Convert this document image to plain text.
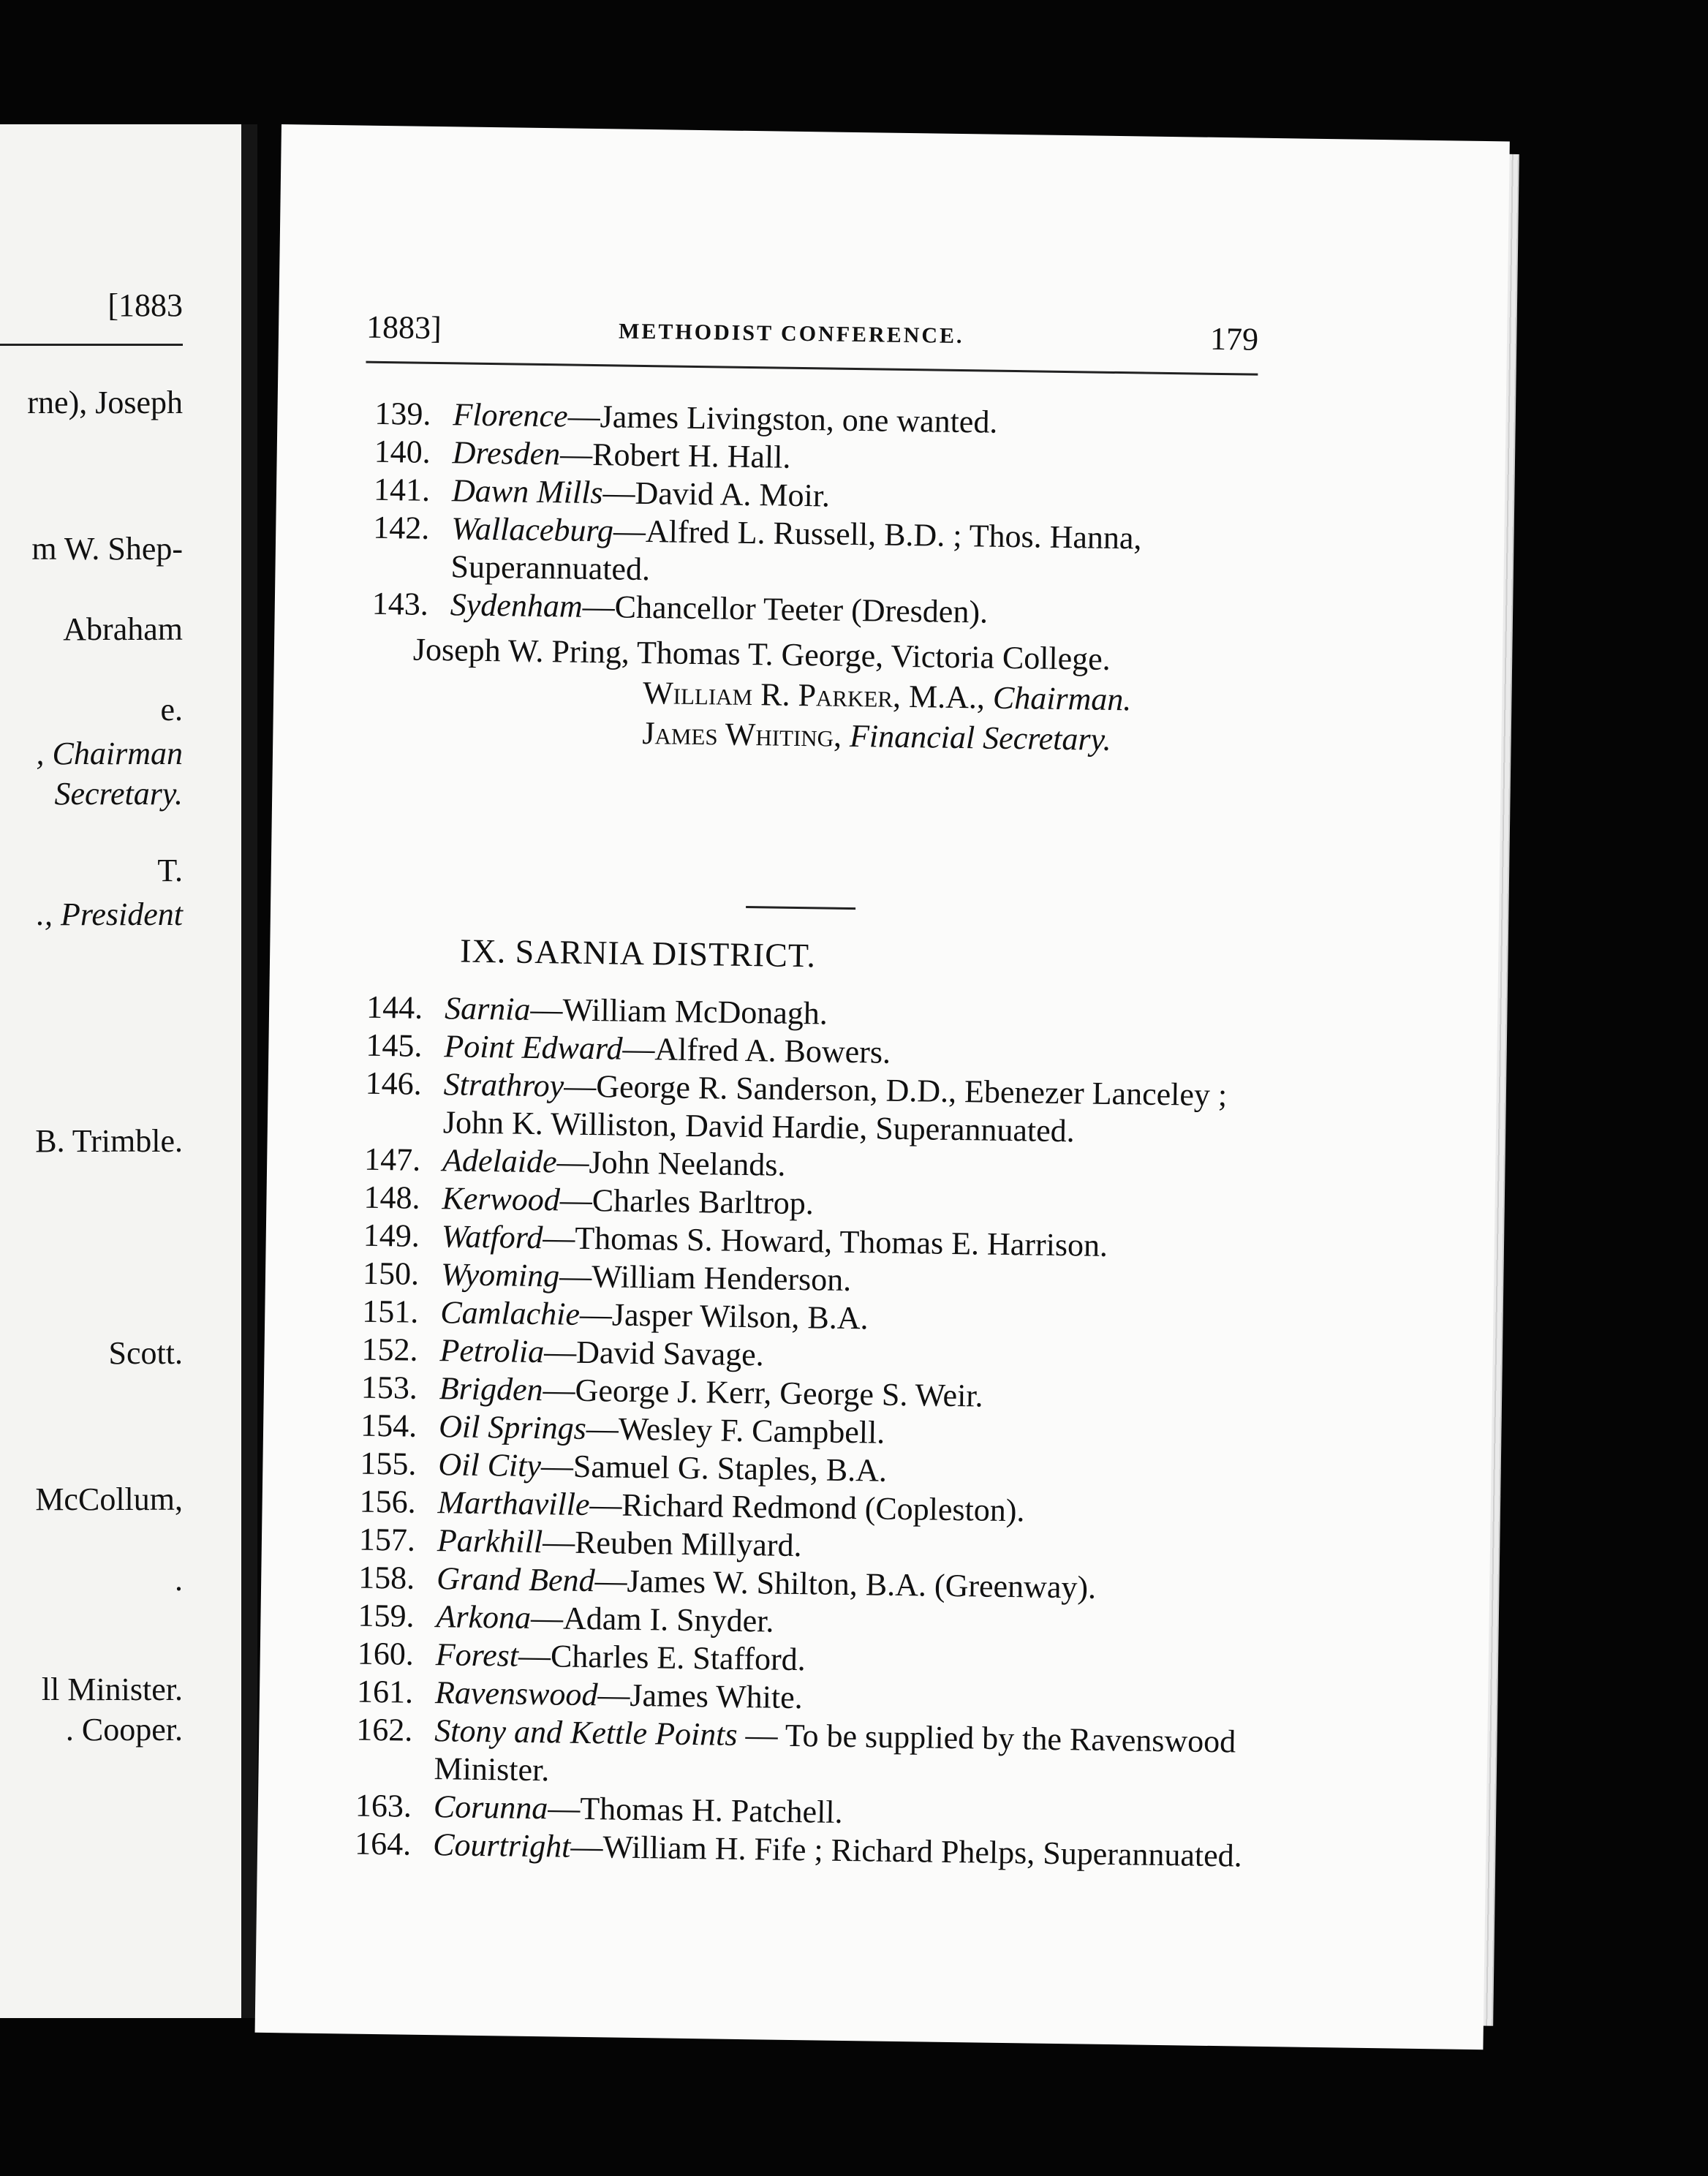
[1883
rne), Joseph
m W. Shep-
Abraham
e.
, Chairman
Secretary.
T.
., President
B. Trimble.
Scott.
McCollum,
.
ll Minister.
. Cooper.
1883]	METHODIST CONFERENCE.	179
139. Florence—James Livingston, one wanted.
140. Dresden—Robert H. Hall.
141. Dawn Mills—David A. Moir.
142. Wallaceburg—Alfred L. Russell, B.D. ; Thos. Hanna, Superannuated.
143. Sydenham—Chancellor Teeter (Dresden).
Joseph W. Pring, Thomas T. George, Victoria College.
William R. Parker, M.A., Chairman.
James Whiting, Financial Secretary.
IX. SARNIA DISTRICT.
144. Sarnia—William McDonagh.
145. Point Edward—Alfred A. Bowers.
146. Strathroy—George R. Sanderson, D.D., Ebenezer Lanceley ; John K. Williston, David Hardie, Superannuated.
147. Adelaide—John Neelands.
148. Kerwood—Charles Barltrop.
149. Watford—Thomas S. Howard, Thomas E. Harrison.
150. Wyoming—William Henderson.
151. Camlachie—Jasper Wilson, B.A.
152. Petrolia—David Savage.
153. Brigden—George J. Kerr, George S. Weir.
154. Oil Springs—Wesley F. Campbell.
155. Oil City—Samuel G. Staples, B.A.
156. Marthaville—Richard Redmond (Copleston).
157. Parkhill—Reuben Millyard.
158. Grand Bend—James W. Shilton, B.A. (Greenway).
159. Arkona—Adam I. Snyder.
160. Forest—Charles E. Stafford.
161. Ravenswood—James White.
162. Stony and Kettle Points — To be supplied by the Ravenswood Minister.
163. Corunna—Thomas H. Patchell.
164. Courtright—William H. Fife ; Richard Phelps, Superannuated.
